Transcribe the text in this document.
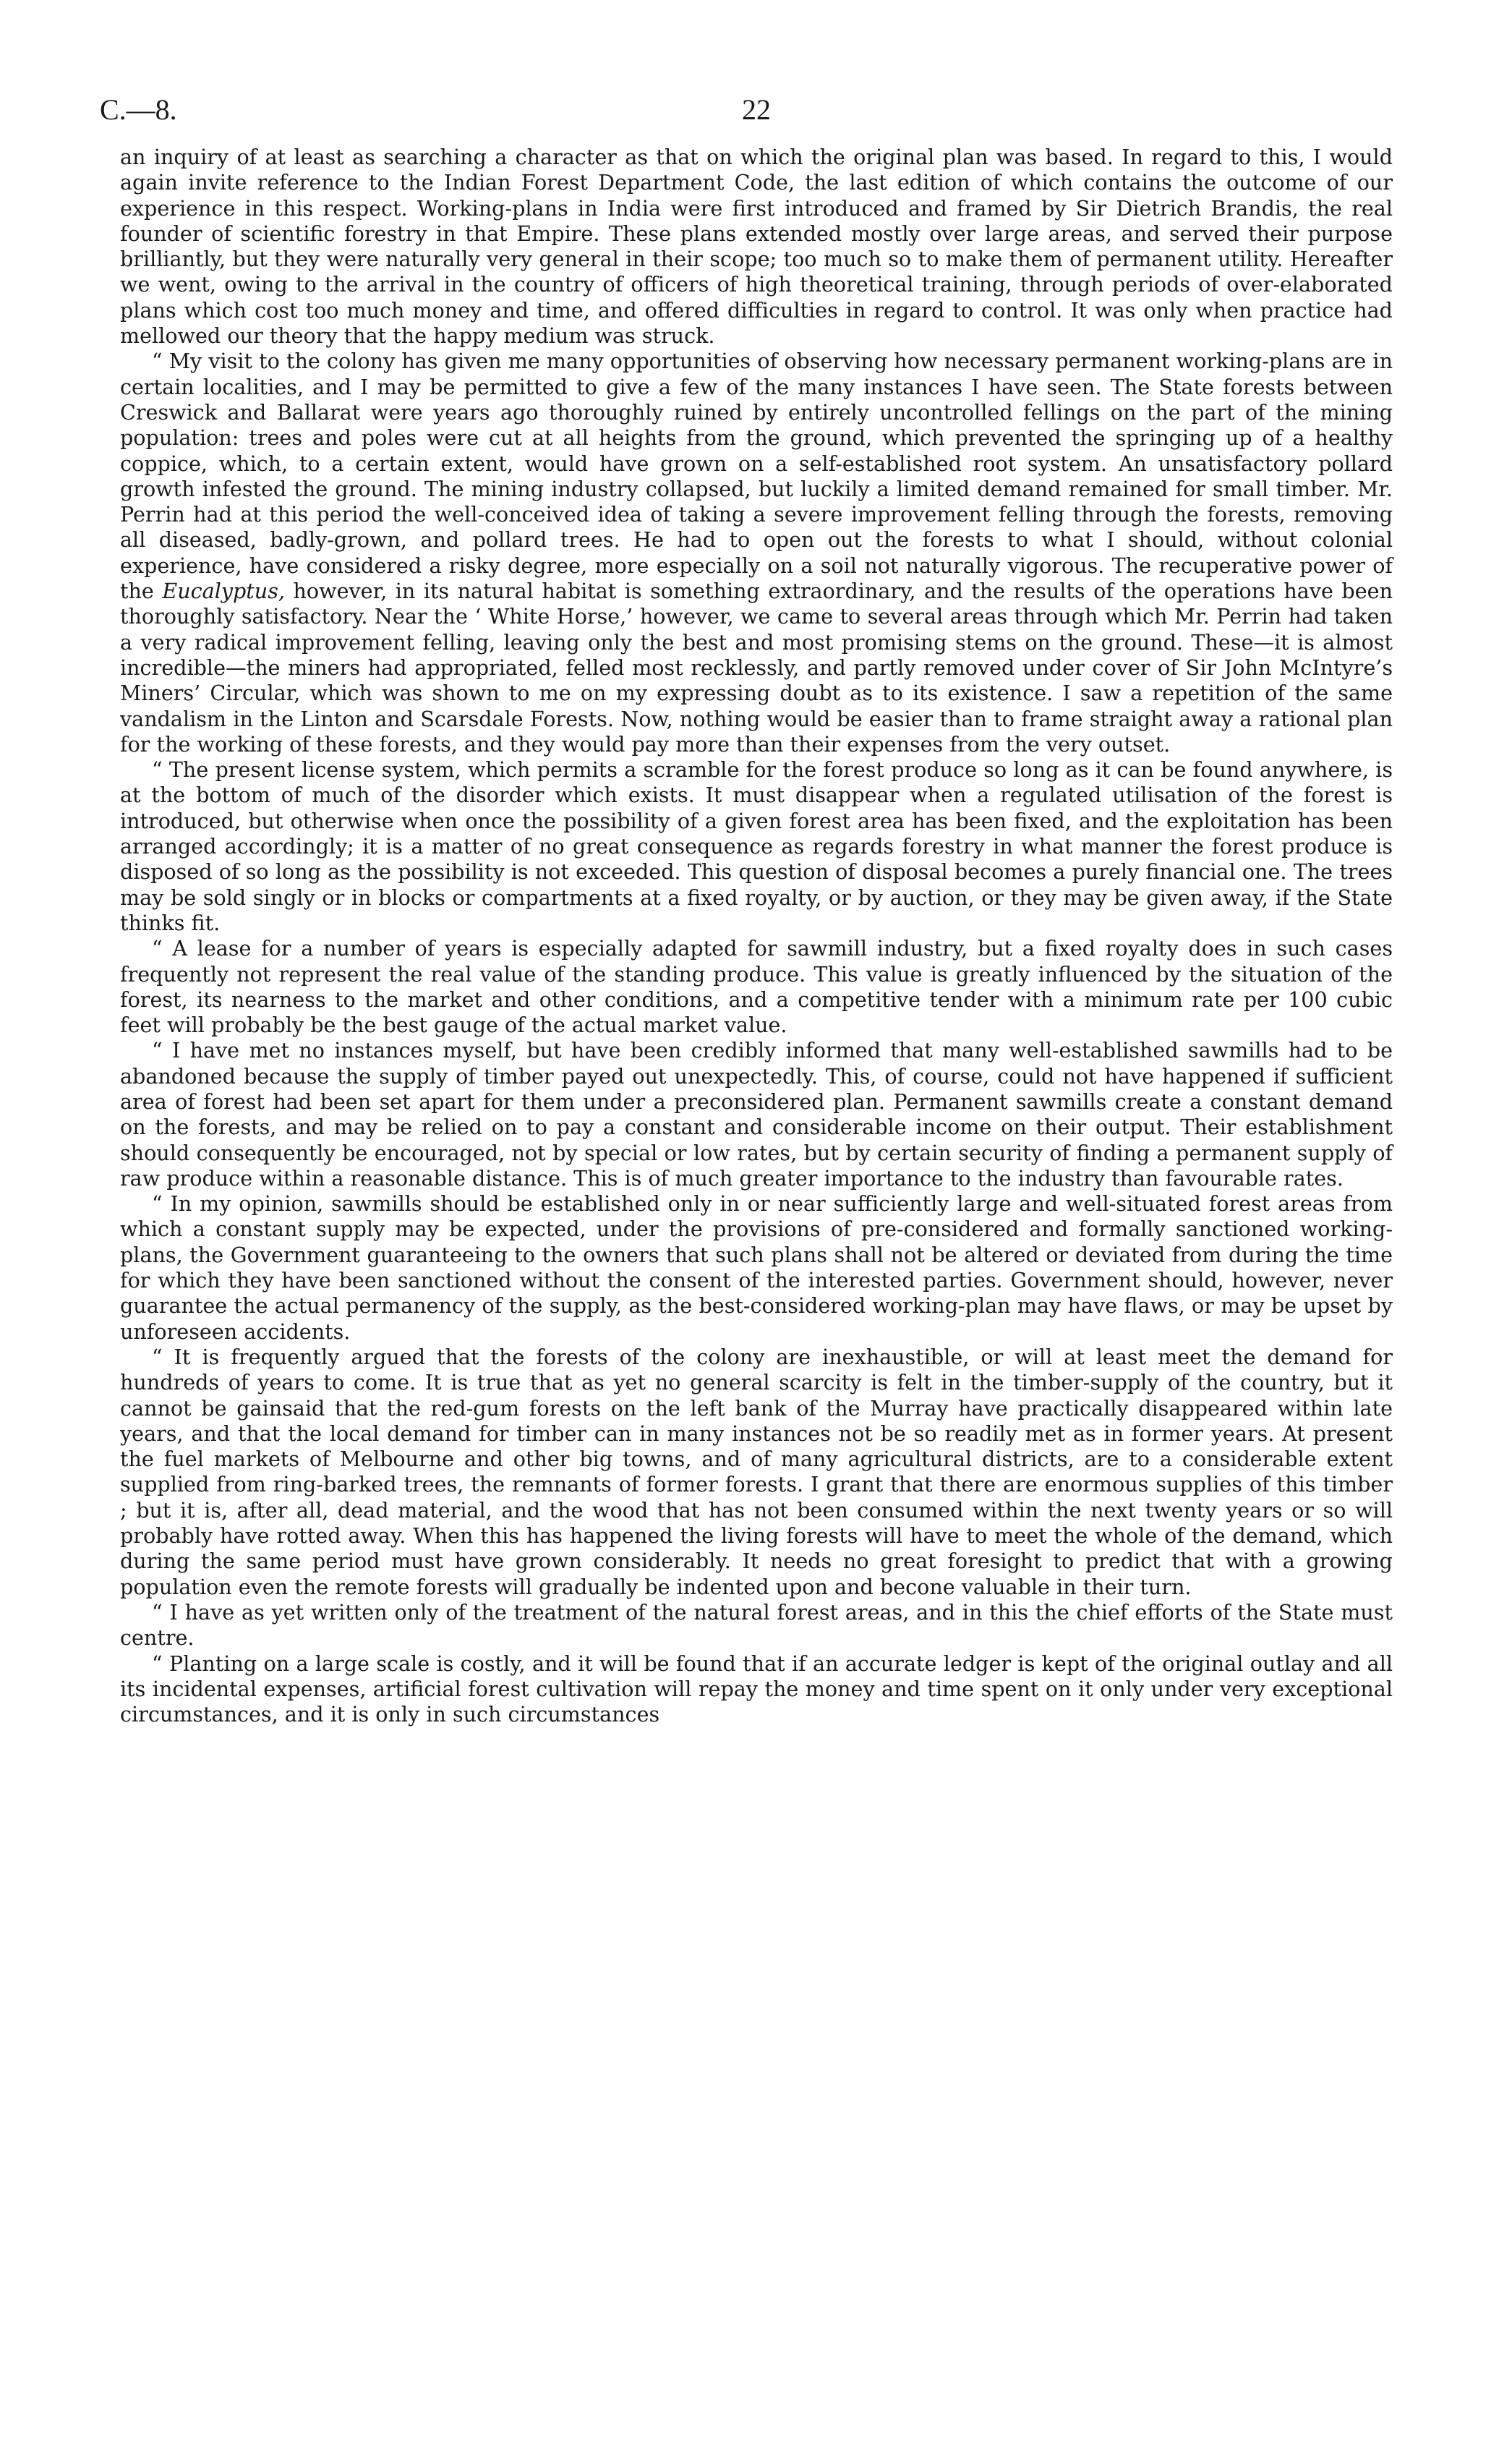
C.—8.	22

an inquiry of at least as searching a character as that on which the original plan was based. In regard to this, I would again invite reference to the Indian Forest Department Code, the last edition of which contains the outcome of our experience in this respect. Working-plans in India were first introduced and framed by Sir Dietrich Brandis, the real founder of scientific forestry in that Empire. These plans extended mostly over large areas, and served their purpose brilliantly, but they were naturally very general in their scope; too much so to make them of permanent utility. Hereafter we went, owing to the arrival in the country of officers of high theoretical training, through periods of over-elaborated plans which cost too much money and time, and offered difficulties in regard to control. It was only when practice had mellowed our theory that the happy medium was struck.

“ My visit to the colony has given me many opportunities of observing how necessary permanent working-plans are in certain localities, and I may be permitted to give a few of the many instances I have seen. The State forests between Creswick and Ballarat were years ago thoroughly ruined by entirely uncontrolled fellings on the part of the mining population: trees and poles were cut at all heights from the ground, which prevented the springing up of a healthy coppice, which, to a certain extent, would have grown on a self-established root system. An unsatisfactory pollard growth infested the ground. The mining industry collapsed, but luckily a limited demand remained for small timber. Mr. Perrin had at this period the well-conceived idea of taking a severe improvement felling through the forests, removing all diseased, badly-grown, and pollard trees. He had to open out the forests to what I should, without colonial experience, have considered a risky degree, more especially on a soil not naturally vigorous. The recuperative power of the Eucalyptus, however, in its natural habitat is something extraordinary, and the results of the operations have been thoroughly satisfactory. Near the ‘ White Horse,’ however, we came to several areas through which Mr. Perrin had taken a very radical improvement felling, leaving only the best and most promising stems on the ground. These—it is almost incredible—the miners had appropriated, felled most recklessly, and partly removed under cover of Sir John McIntyre’s Miners’ Circular, which was shown to me on my expressing doubt as to its existence. I saw a repetition of the same vandalism in the Linton and Scarsdale Forests. Now, nothing would be easier than to frame straight away a rational plan for the working of these forests, and they would pay more than their expenses from the very outset.

“ The present license system, which permits a scramble for the forest produce so long as it can be found anywhere, is at the bottom of much of the disorder which exists. It must disappear when a regulated utilisation of the forest is introduced, but otherwise when once the possibility of a given forest area has been fixed, and the exploitation has been arranged accordingly; it is a matter of no great consequence as regards forestry in what manner the forest produce is disposed of so long as the possibility is not exceeded. This question of disposal becomes a purely financial one. The trees may be sold singly or in blocks or compartments at a fixed royalty, or by auction, or they may be given away, if the State thinks fit.

“ A lease for a number of years is especially adapted for sawmill industry, but a fixed royalty does in such cases frequently not represent the real value of the standing produce. This value is greatly influenced by the situation of the forest, its nearness to the market and other conditions, and a competitive tender with a minimum rate per 100 cubic feet will probably be the best gauge of the actual market value.

“ I have met no instances myself, but have been credibly informed that many well-established sawmills had to be abandoned because the supply of timber payed out unexpectedly. This, of course, could not have happened if sufficient area of forest had been set apart for them under a preconsidered plan. Permanent sawmills create a constant demand on the forests, and may be relied on to pay a constant and considerable income on their output. Their establishment should consequently be encouraged, not by special or low rates, but by certain security of finding a permanent supply of raw produce within a reasonable distance. This is of much greater importance to the industry than favourable rates.

“ In my opinion, sawmills should be established only in or near sufficiently large and well-situated forest areas from which a constant supply may be expected, under the provisions of pre-considered and formally sanctioned working-plans, the Government guaranteeing to the owners that such plans shall not be altered or deviated from during the time for which they have been sanctioned without the consent of the interested parties. Government should, however, never guarantee the actual permanency of the supply, as the best-considered working-plan may have flaws, or may be upset by unforeseen accidents.

“ It is frequently argued that the forests of the colony are inexhaustible, or will at least meet the demand for hundreds of years to come. It is true that as yet no general scarcity is felt in the timber-supply of the country, but it cannot be gainsaid that the red-gum forests on the left bank of the Murray have practically disappeared within late years, and that the local demand for timber can in many instances not be so readily met as in former years. At present the fuel markets of Melbourne and other big towns, and of many agricultural districts, are to a considerable extent supplied from ring-barked trees, the remnants of former forests. I grant that there are enormous supplies of this timber ; but it is, after all, dead material, and the wood that has not been consumed within the next twenty years or so will probably have rotted away. When this has happened the living forests will have to meet the whole of the demand, which during the same period must have grown considerably. It needs no great foresight to predict that with a growing population even the remote forests will gradually be indented upon and becone valuable in their turn.

“ I have as yet written only of the treatment of the natural forest areas, and in this the chief efforts of the State must centre.

“ Planting on a large scale is costly, and it will be found that if an accurate ledger is kept of the original outlay and all its incidental expenses, artificial forest cultivation will repay the money and time spent on it only under very exceptional circumstances, and it is only in such circumstances
